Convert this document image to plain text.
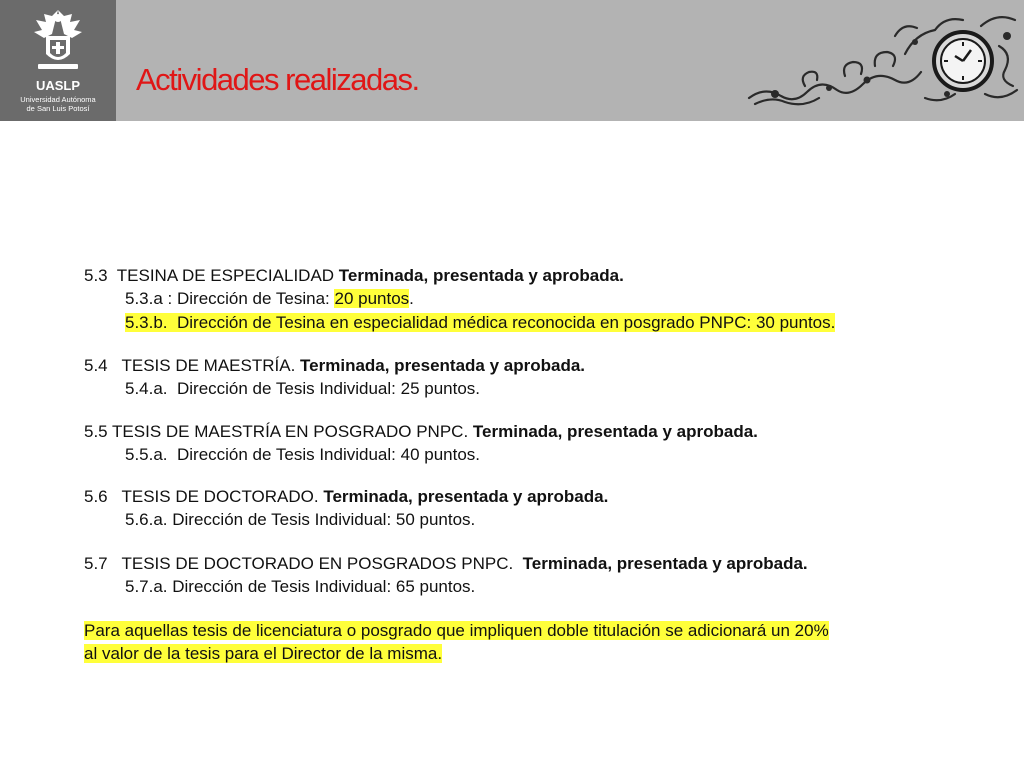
UASLP
Universidad Autónoma
de San Luis Potosí
Actividades realizadas.
5.3  TESINA DE ESPECIALIDAD Terminada, presentada y aprobada.
5.3.a : Dirección de Tesina: 20 puntos.
5.3.b.  Dirección de Tesina en especialidad médica reconocida en posgrado PNPC: 30 puntos.
5.4   TESIS DE MAESTRÍA. Terminada, presentada y aprobada.
5.4.a.  Dirección de Tesis Individual: 25 puntos.
5.5 TESIS DE MAESTRÍA EN POSGRADO PNPC. Terminada, presentada y aprobada.
5.5.a.  Dirección de Tesis Individual: 40 puntos.
5.6   TESIS DE DOCTORADO. Terminada, presentada y aprobada.
5.6.a. Dirección de Tesis Individual: 50 puntos.
5.7   TESIS DE DOCTORADO EN POSGRADOS PNPC.  Terminada, presentada y aprobada.
5.7.a. Dirección de Tesis Individual: 65 puntos.
Para aquellas tesis de licenciatura o posgrado que impliquen doble titulación se adicionará un 20%
al valor de la tesis para el Director de la misma.
